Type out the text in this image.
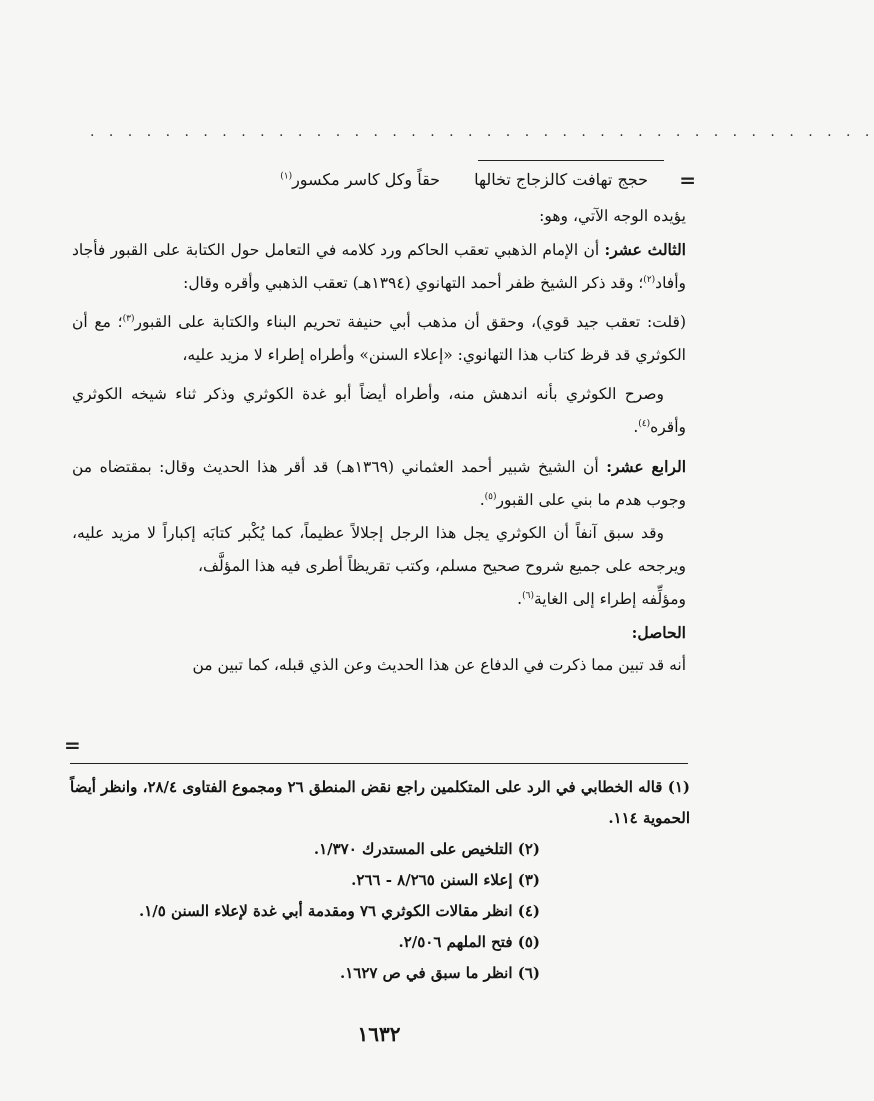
. . . . . . . . . . . . . . . . . . . . . . . . . . . . . . . . . . . . . . . . . .
=
حجج تهافت كالزجاج تخالهاحقاً وكل كاسر مكسور$^{(١)}$

يؤيده الوجه الآتي، وهو:

الثالث عشر: أن الإمام الذهبي تعقب الحاكم ورد كلامه في التعامل حول الكتابة على القبور فأجاد وأفاد$^{(٢)}$؛ وقد ذكر الشيخ ظفر أحمد التهانوي (١٣٩٤هـ) تعقب الذهبي وأقره وقال:

(قلت: تعقب جيد قوي)، وحقق أن مذهب أبي حنيفة تحريم البناء والكتابة على القبور$^{(٣)}$؛ مع أن الكوثري قد قرظ كتاب هذا التهانوي: «إعلاء السنن» وأطراه إطراء لا مزيد عليه،

وصرح الكوثري بأنه اندهش منه، وأطراه أيضاً أبو غدة الكوثري وذكر ثناء شيخه الكوثري وأقره$^{(٤)}$.

الرابع عشر: أن الشيخ شبير أحمد العثماني (١٣٦٩هـ) قد أقر هذا الحديث وقال: بمقتضاه من وجوب هدم ما بني على القبور$^{(٥)}$.

وقد سبق آنفاً أن الكوثري يجل هذا الرجل إجلالاً عظيماً، كما يُكْبر كتابَه إكباراً لا مزيد عليه، ويرجحه على جميع شروح صحيح مسلم، وكتب تقريظاً أطرى فيه هذا المؤلَّف،

ومؤلِّفه إطراء إلى الغاية$^{(٦)}$.

الحاصل:

أنه قد تبين مما ذكرت في الدفاع عن هذا الحديث وعن الذي قبله، كما تبين من

=

(١) قاله الخطابي في الرد على المتكلمين راجع نقض المنطق ٢٦ ومجموع الفتاوى ٢٨/٤، وانظر أيضاً الحموية ١١٤.

(٢) التلخيص على المستدرك ١/٣٧٠.

(٣) إعلاء السنن ٨/٢٦٥ - ٢٦٦.

(٤) انظر مقالات الكوثري ٧٦ ومقدمة أبي غدة لإعلاء السنن ١/٥.

(٥) فتح الملهم ٢/٥٠٦.

(٦) انظر ما سبق في ص ١٦٢٧.

١٦٣٢
